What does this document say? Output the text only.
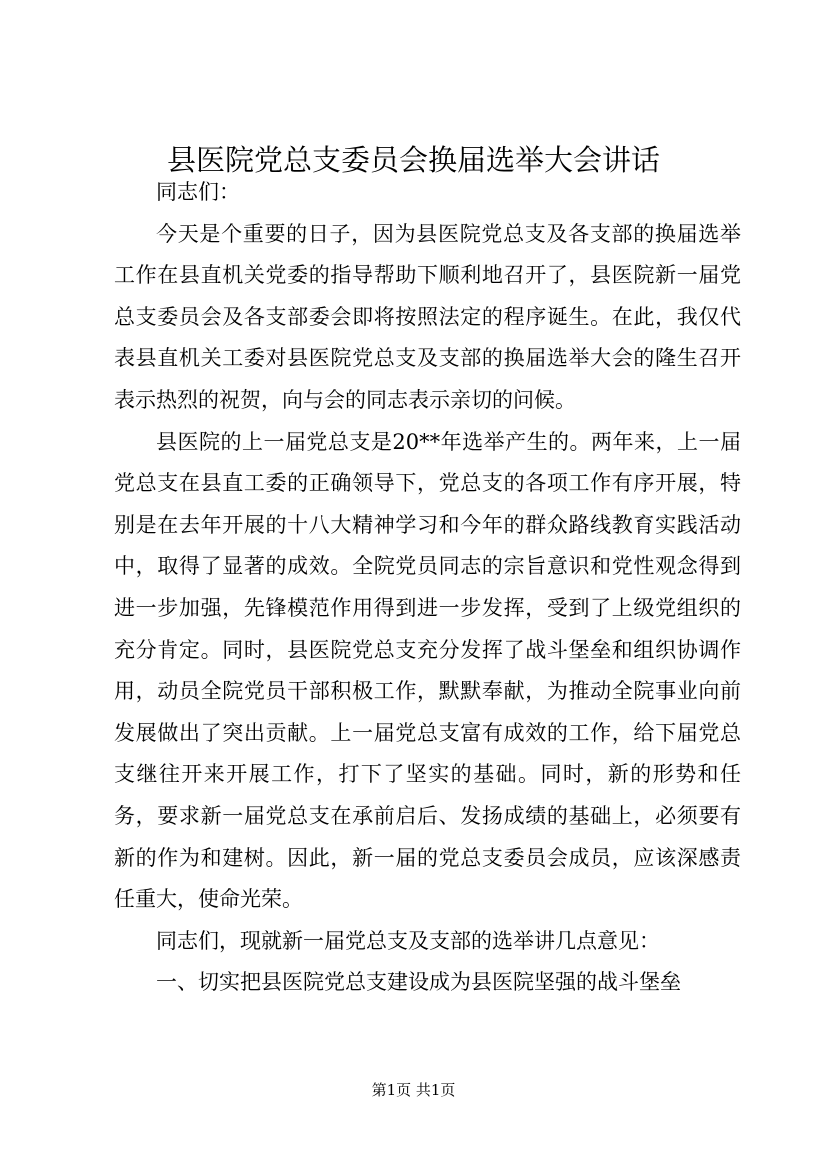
县医院党总支委员会换届选举大会讲话

同志们：

今天是个重要的日子，因为县医院党总支及各支部的换届选举工作在县直机关党委的指导帮助下顺利地召开了，县医院新一届党总支委员会及各支部委会即将按照法定的程序诞生。在此，我仅代表县直机关工委对县医院党总支及支部的换届选举大会的隆生召开表示热烈的祝贺，向与会的同志表示亲切的问候。

县医院的上一届党总支是20**年选举产生的。两年来，上一届党总支在县直工委的正确领导下，党总支的各项工作有序开展，特别是在去年开展的十八大精神学习和今年的群众路线教育实践活动中，取得了显著的成效。全院党员同志的宗旨意识和党性观念得到进一步加强，先锋模范作用得到进一步发挥，受到了上级党组织的充分肯定。同时，县医院党总支充分发挥了战斗堡垒和组织协调作用，动员全院党员干部积极工作，默默奉献，为推动全院事业向前发展做出了突出贡献。上一届党总支富有成效的工作，给下届党总支继往开来开展工作，打下了坚实的基础。同时，新的形势和任务，要求新一届党总支在承前启后、发扬成绩的基础上，必须要有新的作为和建树。因此，新一届的党总支委员会成员，应该深感责任重大，使命光荣。

同志们，现就新一届党总支及支部的选举讲几点意见：

一、切实把县医院党总支建设成为县医院坚强的战斗堡垒

第1页 共1页
